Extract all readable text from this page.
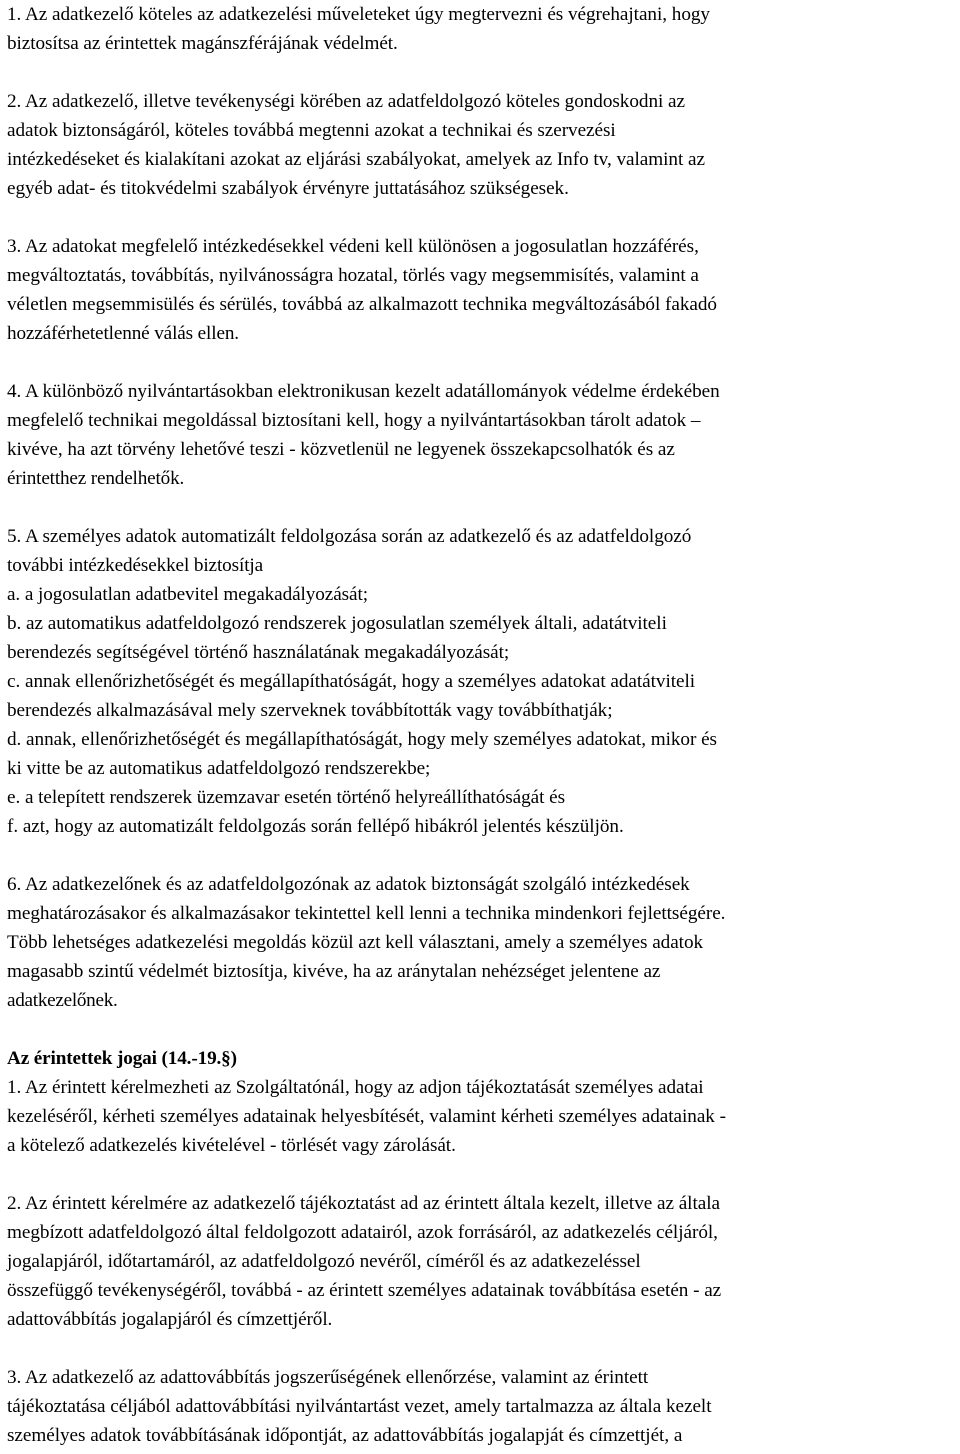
1. Az adatkezelő köteles az adatkezelési műveleteket úgy megtervezni és végrehajtani, hogy

biztosítsa az érintettek magánszférájának védelmét.

2. Az adatkezelő, illetve tevékenységi körében az adatfeldolgozó köteles gondoskodni az

adatok biztonságáról, köteles továbbá megtenni azokat a technikai és szervezési

intézkedéseket és kialakítani azokat az eljárási szabályokat, amelyek az Info tv, valamint az

egyéb adat- és titokvédelmi szabályok érvényre juttatásához szükségesek.

3. Az adatokat megfelelő intézkedésekkel védeni kell különösen a jogosulatlan hozzáférés,

megváltoztatás, továbbítás, nyilvánosságra hozatal, törlés vagy megsemmisítés, valamint a

véletlen megsemmisülés és sérülés, továbbá az alkalmazott technika megváltozásából fakadó

hozzáférhetetlenné válás ellen.

4. A különböző nyilvántartásokban elektronikusan kezelt adatállományok védelme érdekében

megfelelő technikai megoldással biztosítani kell, hogy a nyilvántartásokban tárolt adatok –

kivéve, ha azt törvény lehetővé teszi - közvetlenül ne legyenek összekapcsolhatók és az

érintetthez rendelhetők.

5. A személyes adatok automatizált feldolgozása során az adatkezelő és az adatfeldolgozó

további intézkedésekkel biztosítja

a. a jogosulatlan adatbevitel megakadályozását;

b. az automatikus adatfeldolgozó rendszerek jogosulatlan személyek általi, adatátviteli

berendezés segítségével történő használatának megakadályozását;

c. annak ellenőrizhetőségét és megállapíthatóságát, hogy a személyes adatokat adatátviteli

berendezés alkalmazásával mely szerveknek továbbították vagy továbbíthatják;

d. annak, ellenőrizhetőségét és megállapíthatóságát, hogy mely személyes adatokat, mikor és

ki vitte be az automatikus adatfeldolgozó rendszerekbe;

e. a telepített rendszerek üzemzavar esetén történő helyreállíthatóságát és

f. azt, hogy az automatizált feldolgozás során fellépő hibákról jelentés készüljön.

6. Az adatkezelőnek és az adatfeldolgozónak az adatok biztonságát szolgáló intézkedések

meghatározásakor és alkalmazásakor tekintettel kell lenni a technika mindenkori fejlettségére.

Több lehetséges adatkezelési megoldás közül azt kell választani, amely a személyes adatok

magasabb szintű védelmét biztosítja, kivéve, ha az aránytalan nehézséget jelentene az

adatkezelőnek.

Az érintettek jogai (14.-19.§)

1. Az érintett kérelmezheti az Szolgáltatónál, hogy az adjon tájékoztatását személyes adatai

kezeléséről, kérheti személyes adatainak helyesbítését, valamint kérheti személyes adatainak -

a kötelező adatkezelés kivételével - törlését vagy zárolását.

2. Az érintett kérelmére az adatkezelő tájékoztatást ad az érintett általa kezelt, illetve az általa

megbízott adatfeldolgozó által feldolgozott adatairól, azok forrásáról, az adatkezelés céljáról,

jogalapjáról, időtartamáról, az adatfeldolgozó nevéről, címéről és az adatkezeléssel

összefüggő tevékenységéről, továbbá - az érintett személyes adatainak továbbítása esetén - az

adattovábbítás jogalapjáról és címzettjéről.

3. Az adatkezelő az adattovábbítás jogszerűségének ellenőrzése, valamint az érintett

tájékoztatása céljából adattovábbítási nyilvántartást vezet, amely tartalmazza az általa kezelt

személyes adatok továbbításának időpontját, az adattovábbítás jogalapját és címzettjét, a
